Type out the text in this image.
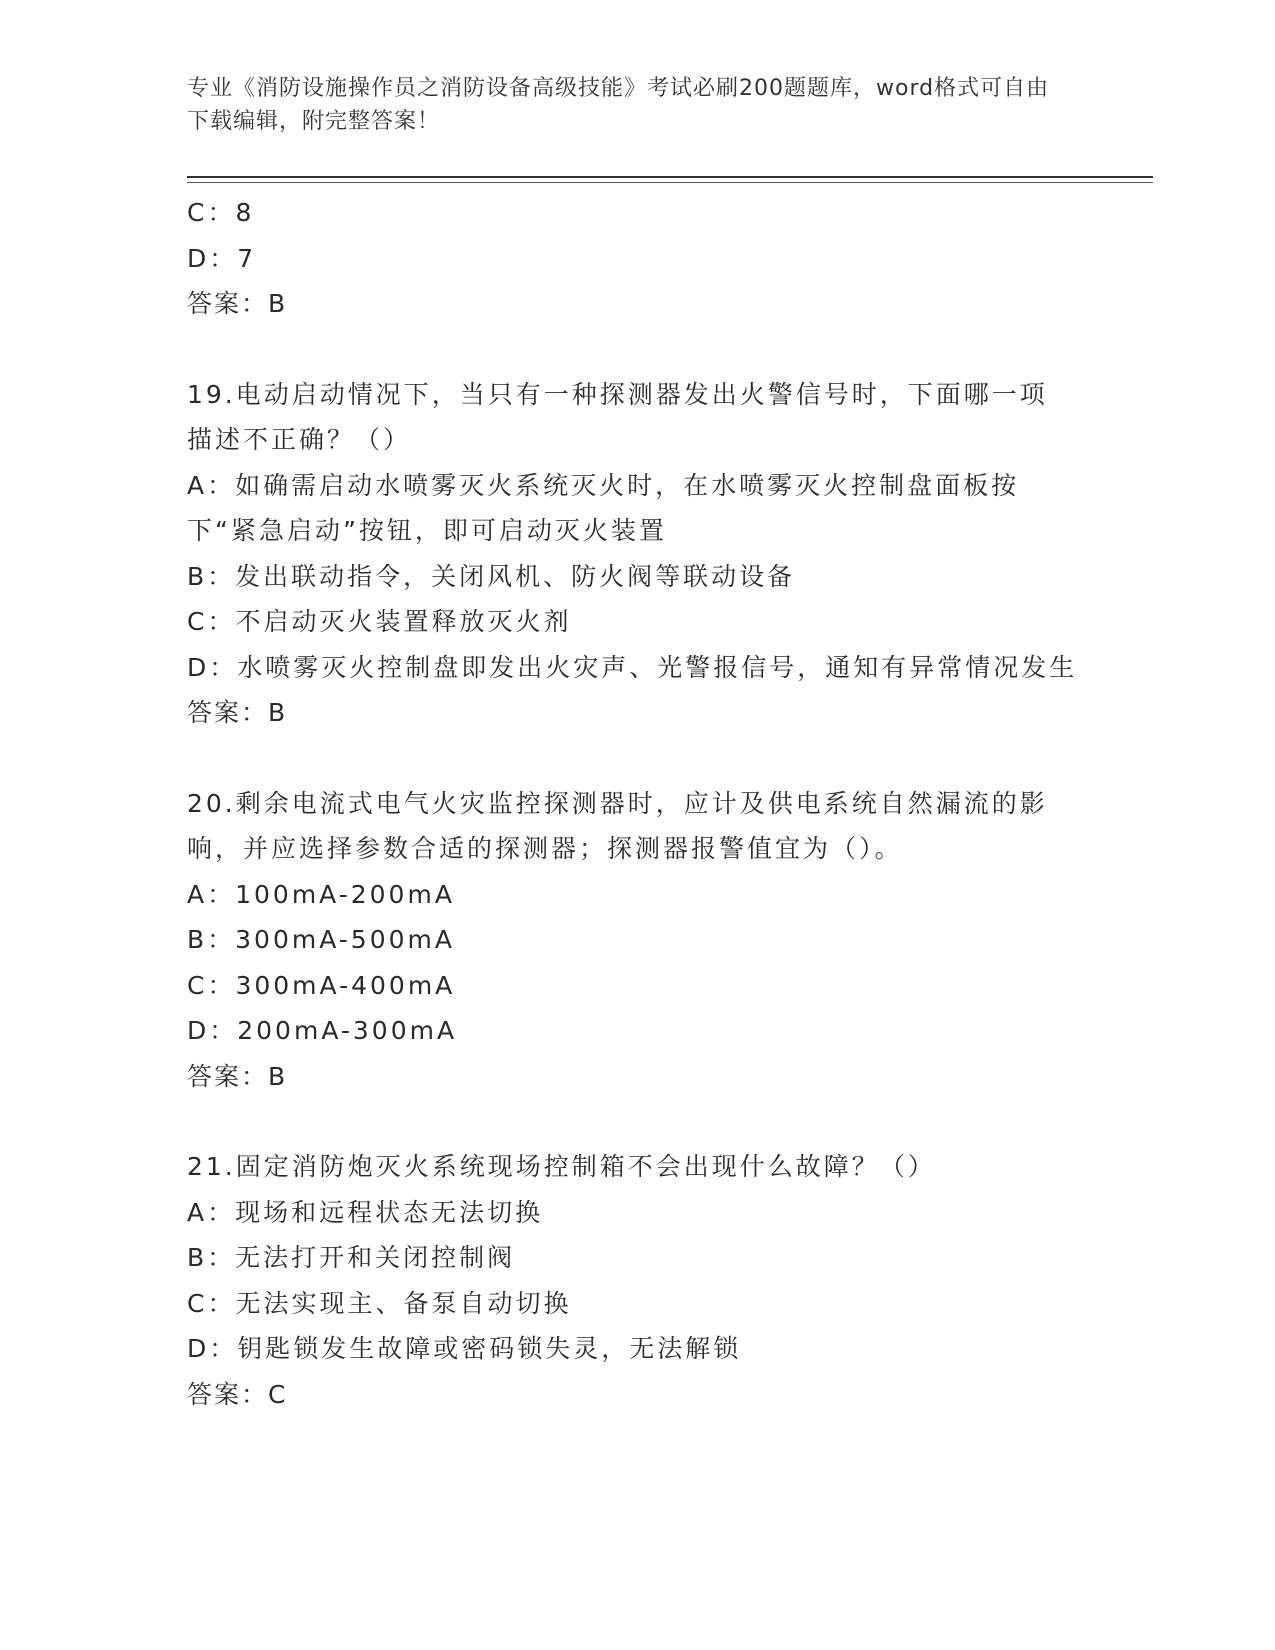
专业《消防设施操作员之消防设备高级技能》考试必刷200题题库，word格式可自由下载编辑，附完整答案！
C：8
D：7
答案：B
19.电动启动情况下，当只有一种探测器发出火警信号时，下面哪一项描述不正确？（）
A：如确需启动水喷雾灭火系统灭火时，在水喷雾灭火控制盘面板按下“紧急启动”按钮，即可启动灭火装置
B：发出联动指令，关闭风机、防火阀等联动设备
C：不启动灭火装置释放灭火剂
D：水喷雾灭火控制盘即发出火灾声、光警报信号，通知有异常情况发生
答案：B
20.剩余电流式电气火灾监控探测器时，应计及供电系统自然漏流的影响，并应选择参数合适的探测器；探测器报警值宜为（）。
A：100mA-200mA
B：300mA-500mA
C：300mA-400mA
D：200mA-300mA
答案：B
21.固定消防炮灭火系统现场控制箱不会出现什么故障？（）
A：现场和远程状态无法切换
B：无法打开和关闭控制阀
C：无法实现主、备泵自动切换
D：钥匙锁发生故障或密码锁失灵，无法解锁
答案：C
